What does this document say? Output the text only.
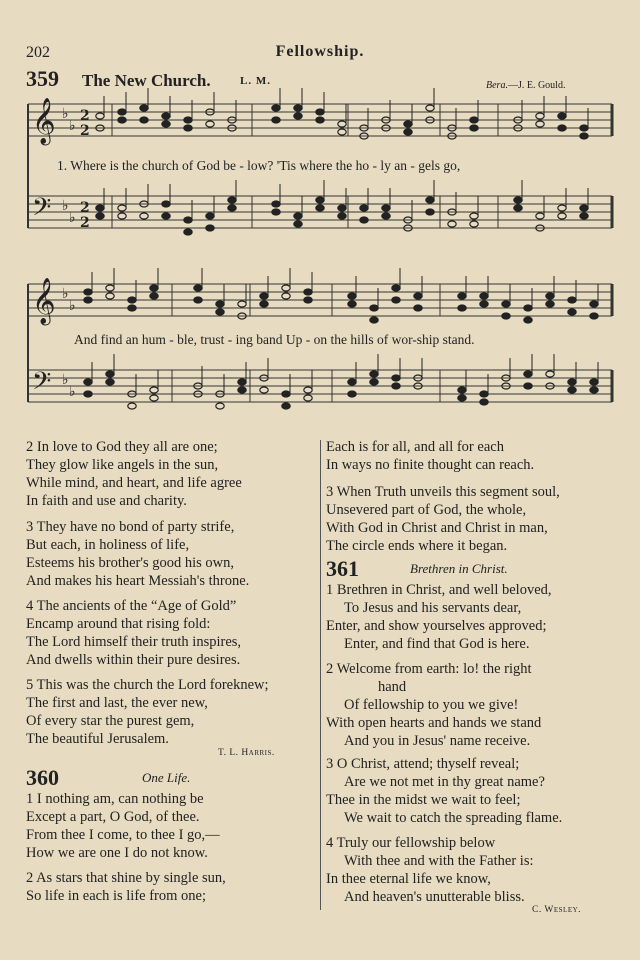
202	Fellowship.
359 The New Church.	L. M.	Bera.—J. E. Gould.
𝄞 ♭
♭
2
2
𝄢 ♭
♭
2
2
𝄞 ♭
♭
𝄢 ♭
♭
1. Where is the church of God be - low? 'Tis where the ho - ly an - gels go,
And find an hum - ble, trust - ing band Up - on the hills of wor-ship stand.
2 In love to God they all are one;
They glow like angels in the sun,
While mind, and heart, and life agree
In faith and use and charity.
3 They have no bond of party strife,
But each, in holiness of life,
Esteems his brother's good his own,
And makes his heart Messiah's throne.
4 The ancients of the “Age of Gold”
Encamp around that rising fold:
The Lord himself their truth inspires,
And dwells within their pure desires.
5 This was the church the Lord foreknew;
The first and last, the ever new,
Of every star the purest gem,
The beautiful Jerusalem.
T. L. Harris.
360	One Life.
1 I nothing am, can nothing be
Except a part, O God, of thee.
From thee I come, to thee I go,—
How we are one I do not know.
2 As stars that shine by single sun,
So life in each is life from one;
Each is for all, and all for each
In ways no finite thought can reach.
3 When Truth unveils this segment soul,
Unsevered part of God, the whole,
With God in Christ and Christ in man,
The circle ends where it began.
361	Brethren in Christ.
1 Brethren in Christ, and well beloved,
To Jesus and his servants dear,
Enter, and show yourselves approved;
Enter, and find that God is here.
2 Welcome from earth: lo! the right
hand
Of fellowship to you we give!
With open hearts and hands we stand
And you in Jesus' name receive.
3 O Christ, attend; thyself reveal;
Are we not met in thy great name?
Thee in the midst we wait to feel;
We wait to catch the spreading flame.
4 Truly our fellowship below
With thee and with the Father is:
In thee eternal life we know,
And heaven's unutterable bliss.
C. Wesley.
